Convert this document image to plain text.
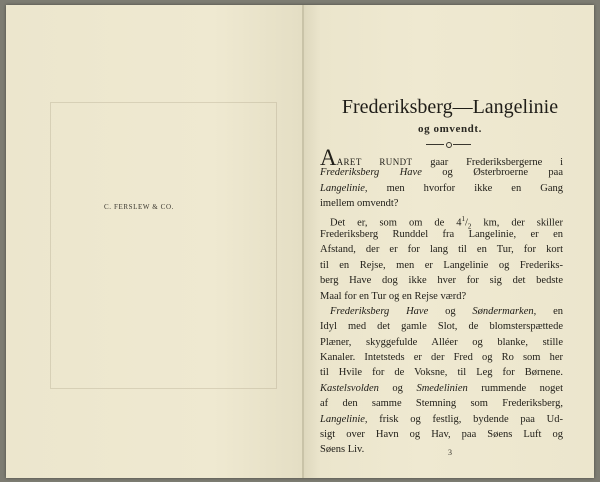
C. FERSLEW & CO.
Frederiksberg—Langelinie
og omvendt.
AARET RUNDT gaar Frederiksbergerne i
Frederiksberg Have og Østerbroerne paa
Langelinie, men hvorfor ikke en Gang
imellem omvendt?
Det er, som om de $4^1/_2$ km, der skiller
Frederiksberg Runddel fra Langelinie, er en
Afstand, der er for lang til en Tur, for kort
til en Rejse, men er Langelinie og Frederiks-
berg Have dog ikke hver for sig det bedste
Maal for en Tur og en Rejse værd?
Frederiksberg Have og Søndermarken, en
Idyl med det gamle Slot, de blomsterspættede
Plæner, skyggefulde Alléer og blanke, stille
Kanaler. Intetsteds er der Fred og Ro som her
til Hvile for de Voksne, til Leg for Børnene.
Kastelsvolden og Smedelinien rummende noget
af den samme Stemning som Frederiksberg,
Langelinie, frisk og festlig, bydende paa Ud-
sigt over Havn og Hav, paa Søens Luft og
Søens Liv.	3
